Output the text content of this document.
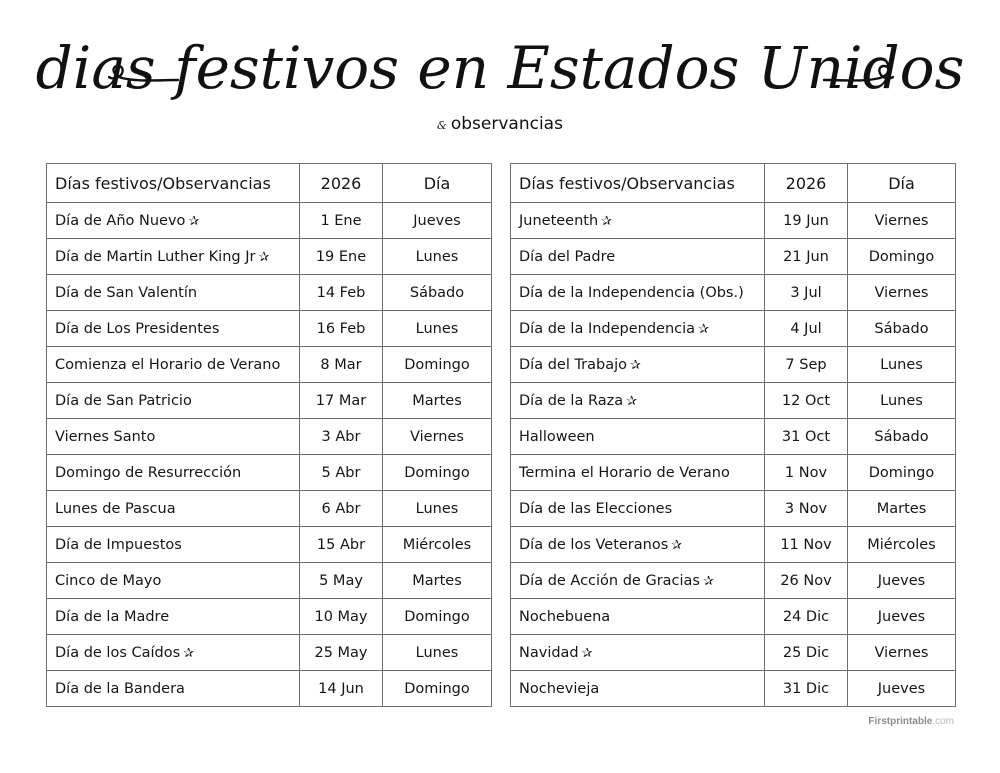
dias festivos en Estados Unidos
& observancias
Días festivos/Observancias	2026	Día
Día de Año Nuevo ✰	1 Ene	Jueves
Día de Martin Luther King Jr ✰	19 Ene	Lunes
Día de San Valentín	14 Feb	Sábado
Día de Los Presidentes	16 Feb	Lunes
Comienza el Horario de Verano	8 Mar	Domingo
Día de San Patricio	17 Mar	Martes
Viernes Santo	3 Abr	Viernes
Domingo de Resurrección	5 Abr	Domingo
Lunes de Pascua	6 Abr	Lunes
Día de Impuestos	15 Abr	Miércoles
Cinco de Mayo	5 May	Martes
Día de la Madre	10 May	Domingo
Día de los Caídos ✰	25 May	Lunes
Día de la Bandera	14 Jun	Domingo
Días festivos/Observancias	2026	Día
Juneteenth ✰	19 Jun	Viernes
Día del Padre	21 Jun	Domingo
Día de la Independencia (Obs.)	3 Jul	Viernes
Día de la Independencia ✰	4 Jul	Sábado
Día del Trabajo ✰	7 Sep	Lunes
Día de la Raza ✰	12 Oct	Lunes
Halloween	31 Oct	Sábado
Termina el Horario de Verano	1 Nov	Domingo
Día de las Elecciones	3 Nov	Martes
Día de los Veteranos ✰	11 Nov	Miércoles
Día de Acción de Gracias ✰	26 Nov	Jueves
Nochebuena	24 Dic	Jueves
Navidad ✰	25 Dic	Viernes
Nochevieja	31 Dic	Jueves
Firstprintable.com
